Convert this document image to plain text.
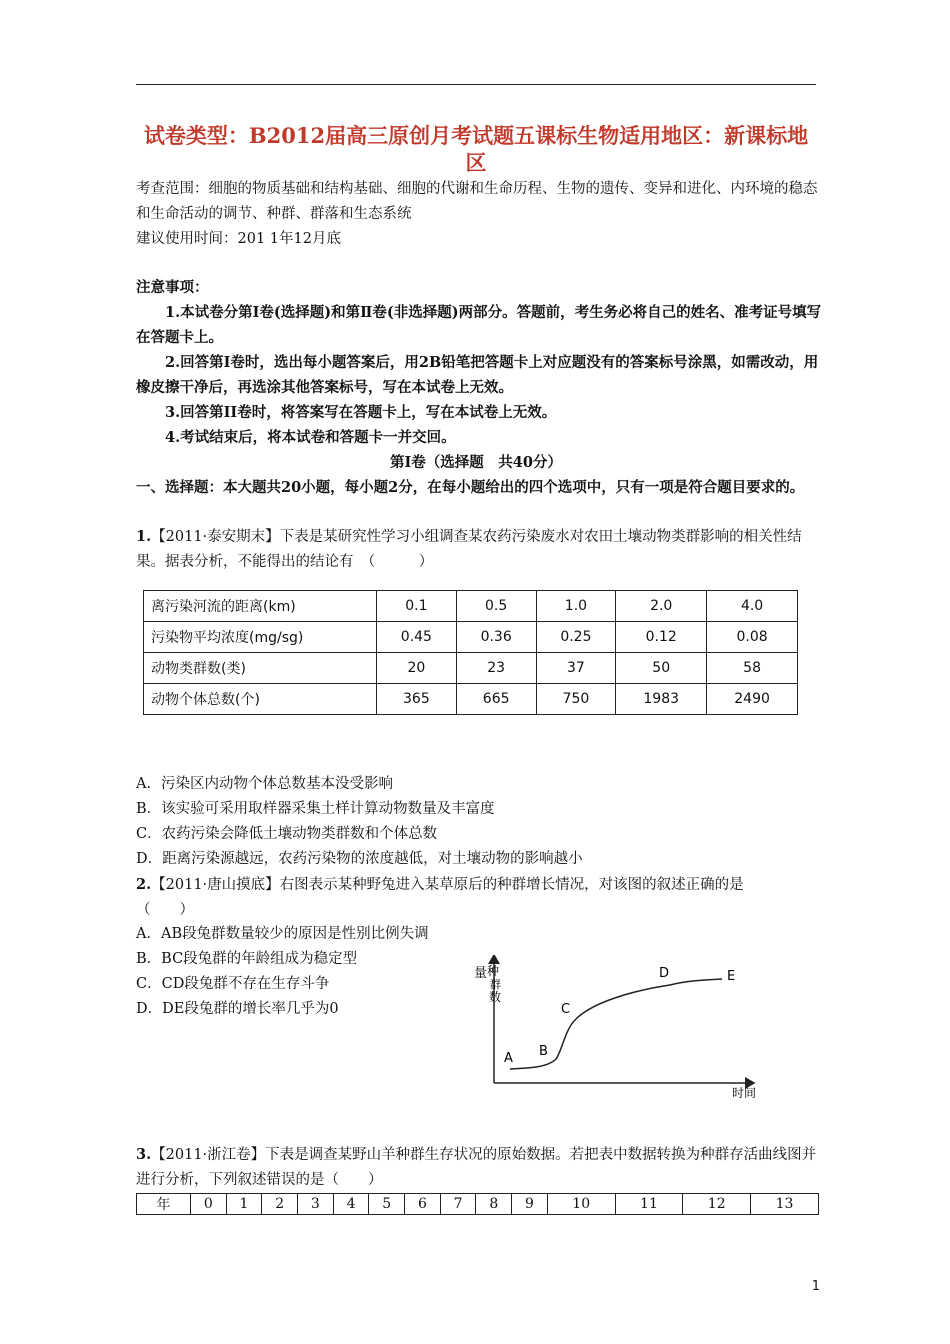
试卷类型：B2012届高三原创月考试题五课标生物适用地区：新课标地区
考查范围：细胞的物质基础和结构基础、细胞的代谢和生命历程、生物的遗传、变异和进化、内环境的稳态和生命活动的调节、种群、群落和生态系统
建议使用时间：201 1年12月底
注意事项：
1.本试卷分第Ⅰ卷(选择题)和第Ⅱ卷(非选择题)两部分。答题前，考生务必将自己的姓名、准考证号填写在答题卡上。
2.回答第Ⅰ卷时，选出每小题答案后，用2B铅笔把答题卡上对应题没有的答案标号涂黑，如需改动，用橡皮擦干净后，再选涂其他答案标号，写在本试卷上无效。
3.回答第II卷时，将答案写在答题卡上，写在本试卷上无效。
4.考试结束后，将本试卷和答题卡一并交回。
第Ⅰ卷（选择题　共40分）
一、选择题：本大题共20小题，每小题2分，在每小题给出的四个选项中，只有一项是符合题目要求的。
1.【2011·泰安期末】下表是某研究性学习小组调查某农药污染废水对农田土壤动物类群影响的相关性结果。据表分析，不能得出的结论有　（　　　）
离污染河流的距离(km)	0.1	0.5	1.0	2.0	4.0
污染物平均浓度(mg/sg)	0.45	0.36	0.25	0.12	0.08
动物类群数(类)	20	23	37	50	58
动物个体总数(个)	365	665	750	1983	2490
A．污染区内动物个体总数基本没受影响
B．该实验可采用取样器采集土样计算动物数量及丰富度
C．农药污染会降低土壤动物类群数和个体总数
D．距离污染源越远，农药污染物的浓度越低，对土壤动物的影响越小
2.【2011·唐山摸底】右图表示某种野兔进入某草原后的种群增长情况，对该图的叙述正确的是　　　　　　　　　　（　　）
A．AB段兔群数量较少的原因是性别比例失调
B．BC段兔群的年龄组成为稳定型
C．CD段兔群不存在生存斗争
D．DE段兔群的增长率几乎为0
量 种
群
数
时间
A B
C
D	E
3.【2011·浙江卷】下表是调查某野山羊种群生存状况的原始数据。若把表中数据转换为种群存活曲线图并进行分析，下列叙述错误的是（　　）
年	0	1	2	3	4	5	6	7	8	9	10	11	12	13
1
